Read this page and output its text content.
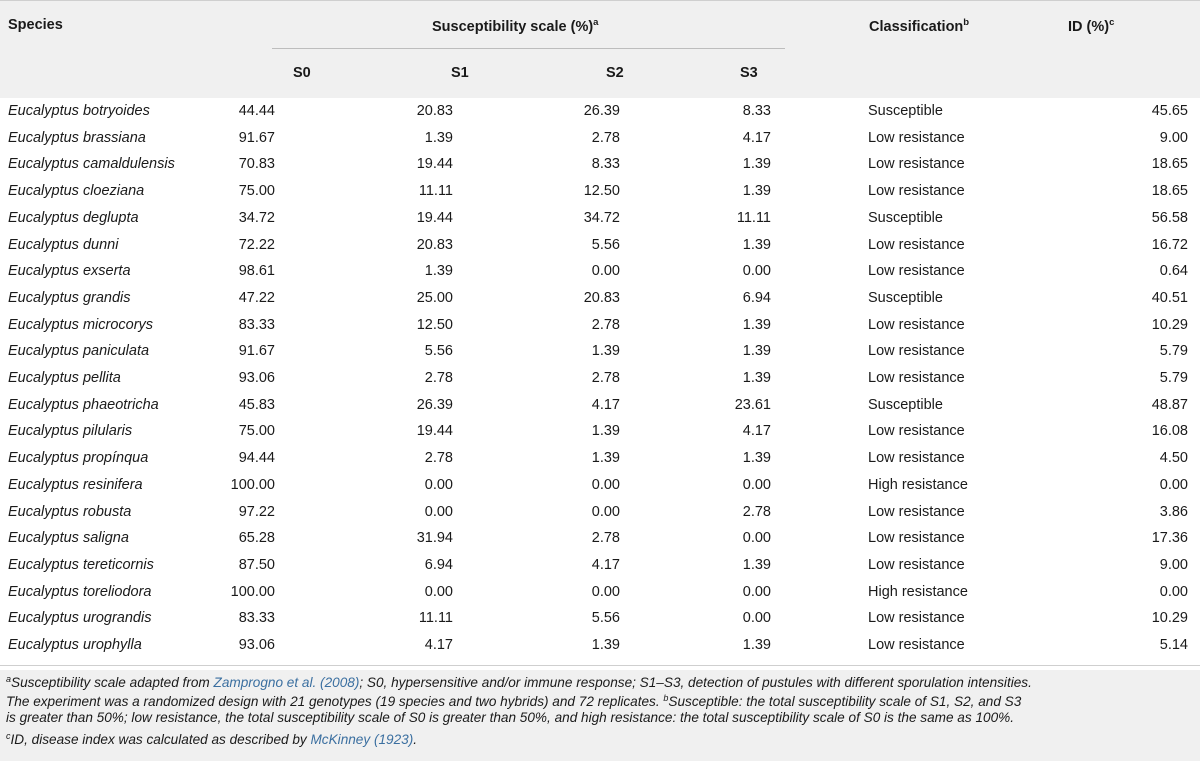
Species	Susceptibility scale (%)$^a$	Classification$^b$	ID (%)$^c$
S0	S1	S2	S3
Eucalyptus botryoides	44.44	20.83	26.39	8.33	Susceptible	45.65
Eucalyptus brassiana	91.67	1.39	2.78	4.17	Low resistance	9.00
Eucalyptus camaldulensis	70.83	19.44	8.33	1.39	Low resistance	18.65
Eucalyptus cloeziana	75.00	11.11	12.50	1.39	Low resistance	18.65
Eucalyptus deglupta	34.72	19.44	34.72	11.11	Susceptible	56.58
Eucalyptus dunni	72.22	20.83	5.56	1.39	Low resistance	16.72
Eucalyptus exserta	98.61	1.39	0.00	0.00	Low resistance	0.64
Eucalyptus grandis	47.22	25.00	20.83	6.94	Susceptible	40.51
Eucalyptus microcorys	83.33	12.50	2.78	1.39	Low resistance	10.29
Eucalyptus paniculata	91.67	5.56	1.39	1.39	Low resistance	5.79
Eucalyptus pellita	93.06	2.78	2.78	1.39	Low resistance	5.79
Eucalyptus phaeotricha	45.83	26.39	4.17	23.61	Susceptible	48.87
Eucalyptus pilularis	75.00	19.44	1.39	4.17	Low resistance	16.08
Eucalyptus propínqua	94.44	2.78	1.39	1.39	Low resistance	4.50
Eucalyptus resinifera	100.00	0.00	0.00	0.00	High resistance	0.00
Eucalyptus robusta	97.22	0.00	0.00	2.78	Low resistance	3.86
Eucalyptus saligna	65.28	31.94	2.78	0.00	Low resistance	17.36
Eucalyptus tereticornis	87.50	6.94	4.17	1.39	Low resistance	9.00
Eucalyptus toreliodora	100.00	0.00	0.00	0.00	High resistance	0.00
Eucalyptus urograndis	83.33	11.11	5.56	0.00	Low resistance	10.29
Eucalyptus urophylla	93.06	4.17	1.39	1.39	Low resistance	5.14
$^a$Susceptibility scale adapted from Zamprogno et al. (2008); S0, hypersensitive and/or immune response; S1–S3, detection of pustules with different sporulation intensities.
The experiment was a randomized design with 21 genotypes (19 species and two hybrids) and 72 replicates. $^b$Susceptible: the total susceptibility scale of S1, S2, and S3
is greater than 50%; low resistance, the total susceptibility scale of S0 is greater than 50%, and high resistance: the total susceptibility scale of S0 is the same as 100%.
$^c$ID, disease index was calculated as described by McKinney (1923).
